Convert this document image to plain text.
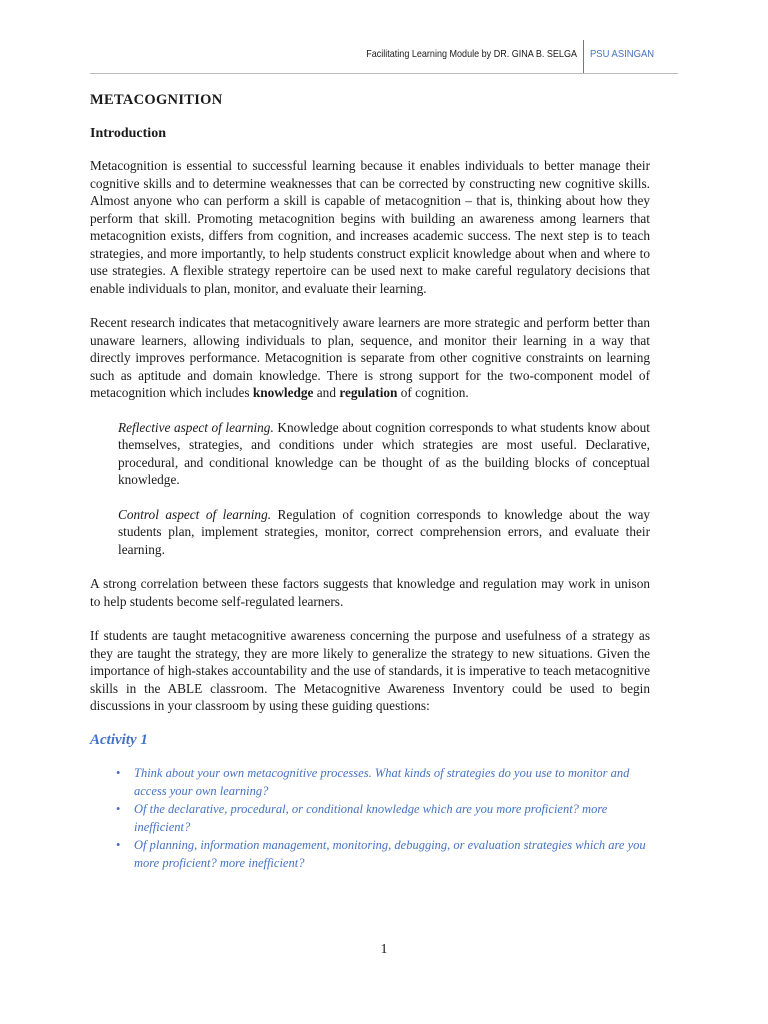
Facilitating Learning Module by DR. GINA B. SELGA PSU ASINGAN
METACOGNITION
Introduction

Metacognition is essential to successful learning because it enables individuals to better manage their cognitive skills and to determine weaknesses that can be corrected by constructing new cognitive skills. Almost anyone who can perform a skill is capable of metacognition – that is, thinking about how they perform that skill. Promoting metacognition begins with building an awareness among learners that metacognition exists, differs from cognition, and increases academic success. The next step is to teach strategies, and more importantly, to help students construct explicit knowledge about when and where to use strategies. A flexible strategy repertoire can be used next to make careful regulatory decisions that enable individuals to plan, monitor, and evaluate their learning.

Recent research indicates that metacognitively aware learners are more strategic and perform better than unaware learners, allowing individuals to plan, sequence, and monitor their learning in a way that directly improves performance. Metacognition is separate from other cognitive constraints on learning such as aptitude and domain knowledge. There is strong support for the two-component model of metacognition which includes knowledge and regulation of cognition.

Reflective aspect of learning. Knowledge about cognition corresponds to what students know about themselves, strategies, and conditions under which strategies are most useful. Declarative, procedural, and conditional knowledge can be thought of as the building blocks of conceptual knowledge.

Control aspect of learning. Regulation of cognition corresponds to knowledge about the way students plan, implement strategies, monitor, correct comprehension errors, and evaluate their learning.

A strong correlation between these factors suggests that knowledge and regulation may work in unison to help students become self-regulated learners.

If students are taught metacognitive awareness concerning the purpose and usefulness of a strategy as they are taught the strategy, they are more likely to generalize the strategy to new situations. Given the importance of high-stakes accountability and the use of standards, it is imperative to teach metacognitive skills in the ABLE classroom. The Metacognitive Awareness Inventory could be used to begin discussions in your classroom by using these guiding questions:

Activity 1
• Think about your own metacognitive processes. What kinds of strategies do you use to monitor and access your own learning?
• Of the declarative, procedural, or conditional knowledge which are you more proficient? more inefficient?
• Of planning, information management, monitoring, debugging, or evaluation strategies which are you more proficient? more inefficient?
1
